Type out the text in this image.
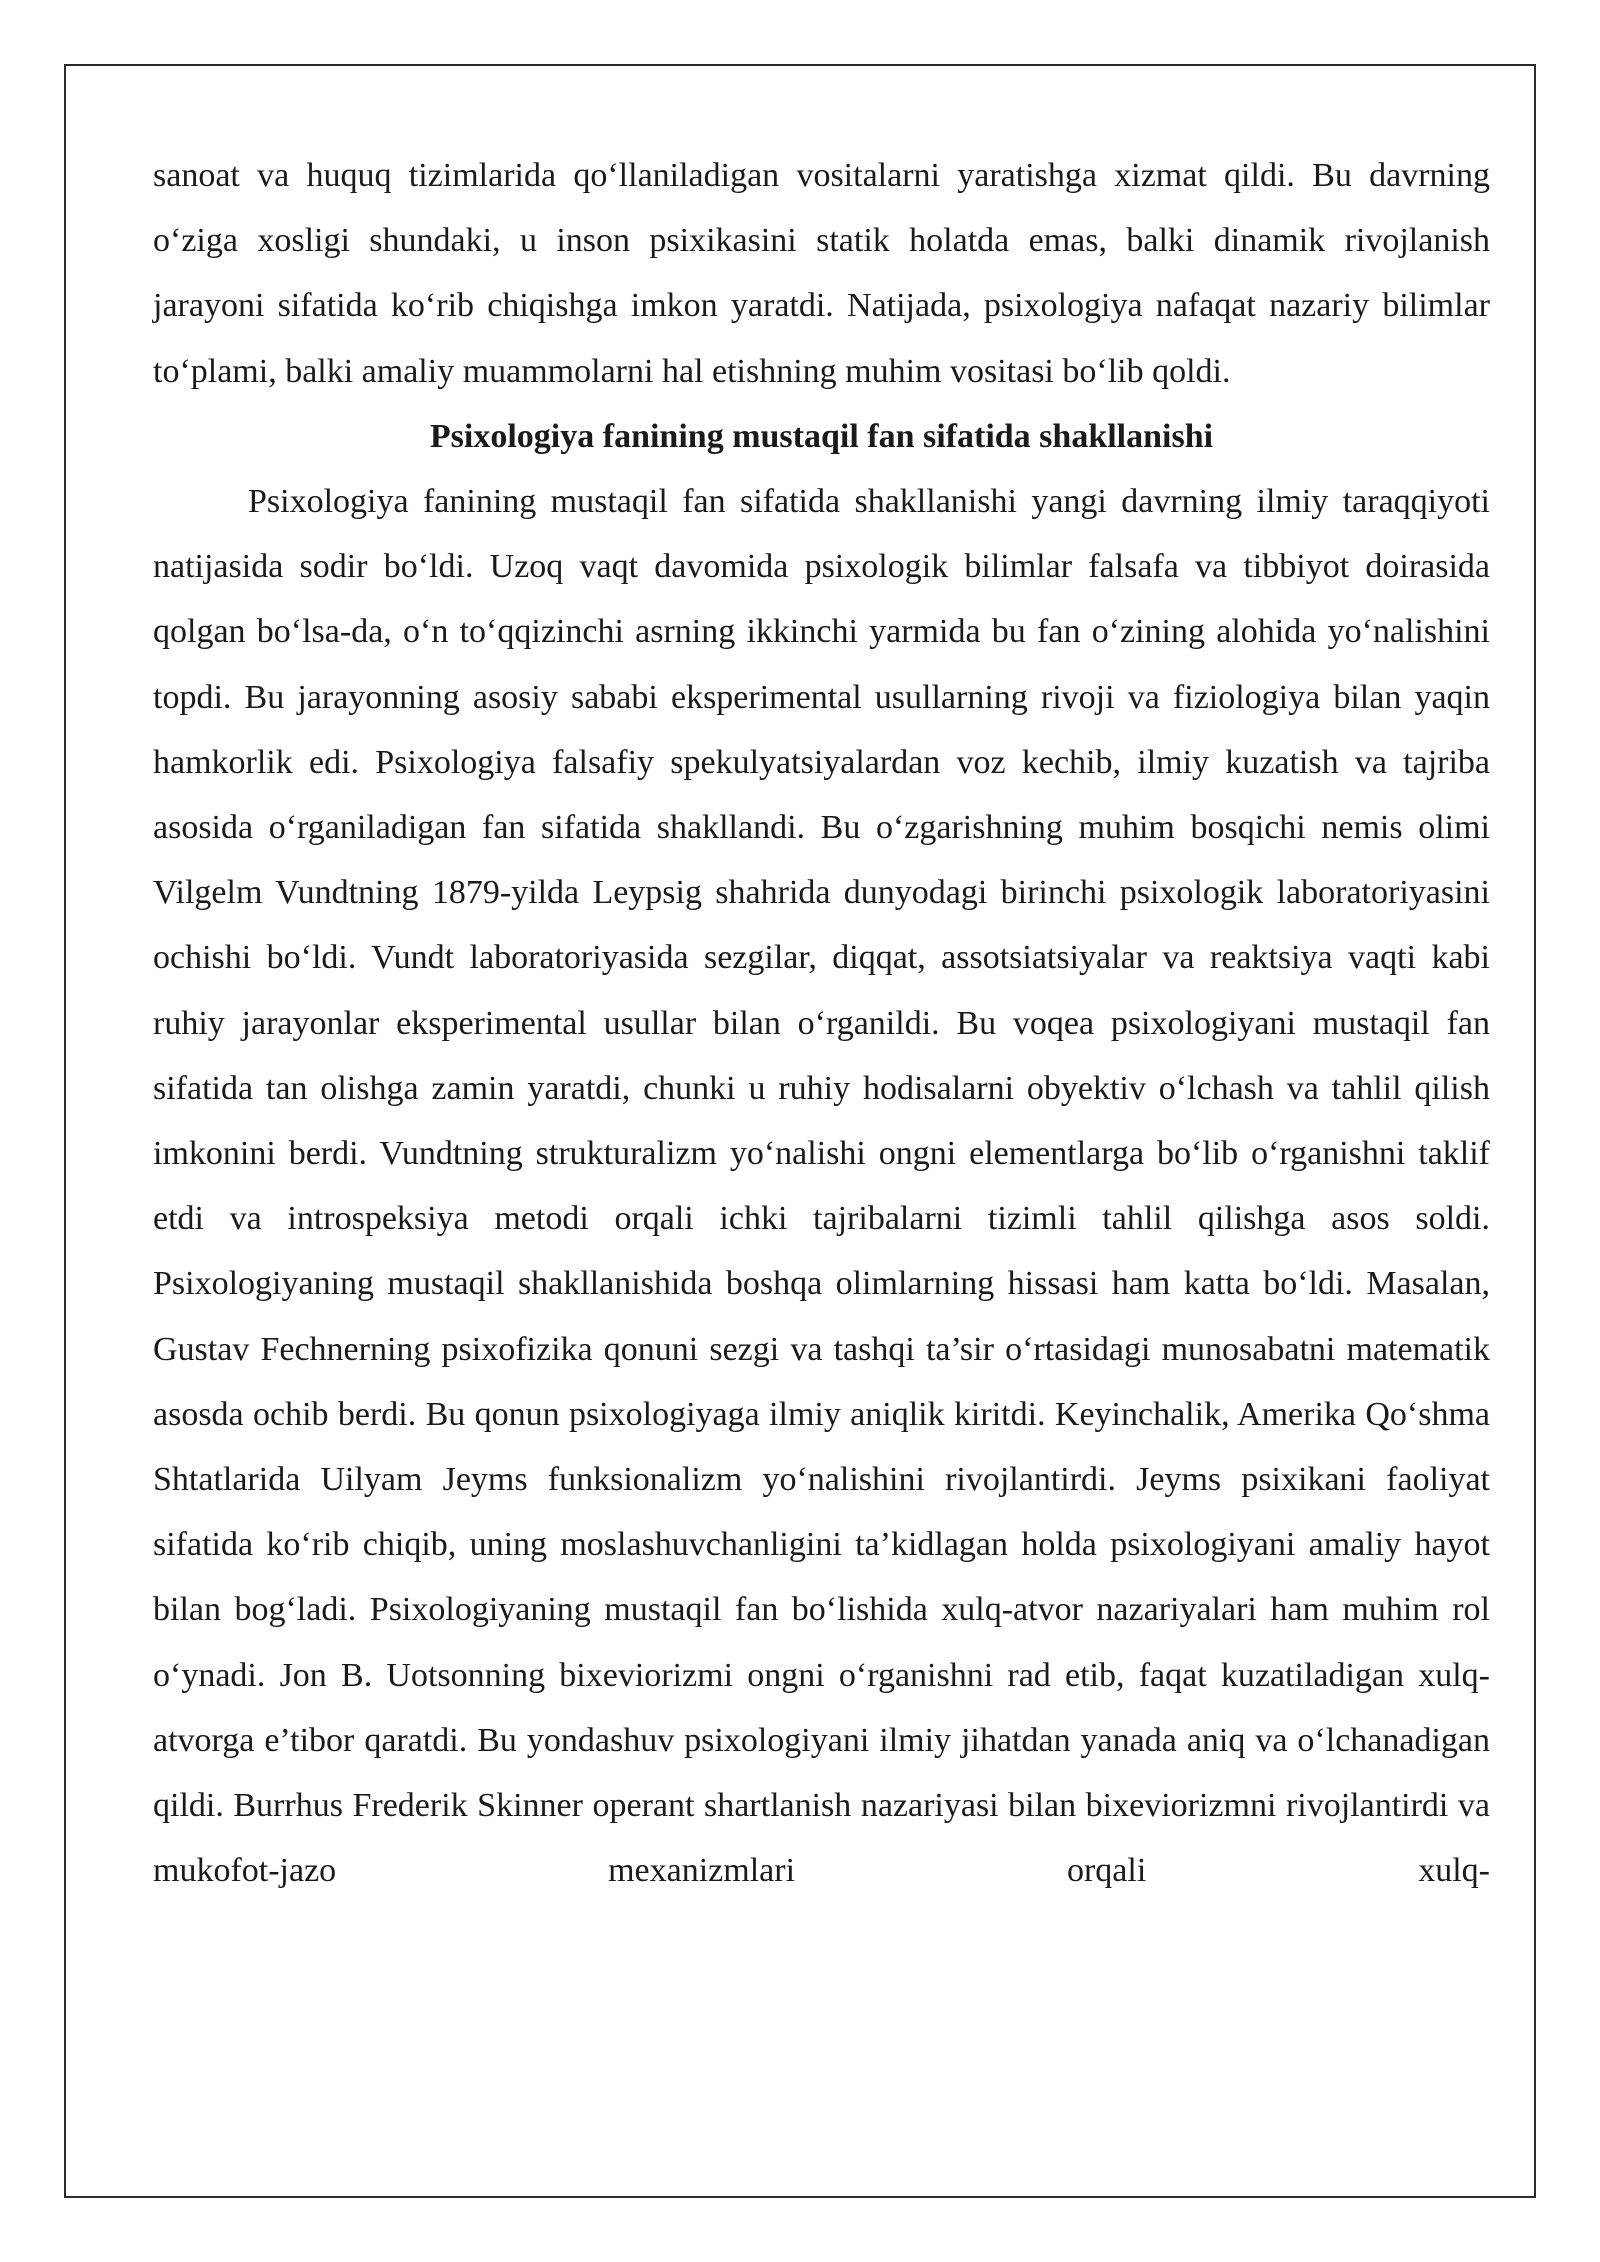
sanoat va huquq tizimlarida qo‘llaniladigan vositalarni yaratishga xizmat qildi. Bu davrning o‘ziga xosligi shundaki, u inson psixikasini statik holatda emas, balki dinamik rivojlanish jarayoni sifatida ko‘rib chiqishga imkon yaratdi. Natijada, psixologiya nafaqat nazariy bilimlar to‘plami, balki amaliy muammolarni hal etishning muhim vositasi bo‘lib qoldi.

Psixologiya fanining mustaqil fan sifatida shakllanishi

Psixologiya fanining mustaqil fan sifatida shakllanishi yangi davrning ilmiy taraqqiyoti natijasida sodir bo‘ldi. Uzoq vaqt davomida psixologik bilimlar falsafa va tibbiyot doirasida qolgan bo‘lsa-da, o‘n to‘qqizinchi asrning ikkinchi yarmida bu fan o‘zining alohida yo‘nalishini topdi. Bu jarayonning asosiy sababi eksperimental usullarning rivoji va fiziologiya bilan yaqin hamkorlik edi. Psixologiya falsafiy spekulyatsiyalardan voz kechib, ilmiy kuzatish va tajriba asosida o‘rganiladigan fan sifatida shakllandi. Bu o‘zgarishning muhim bosqichi nemis olimi Vilgelm Vundtning 1879-yilda Leypsig shahrida dunyodagi birinchi psixologik laboratoriyasini ochishi bo‘ldi. Vundt laboratoriyasida sezgilar, diqqat, assotsiatsiyalar va reaktsiya vaqti kabi ruhiy jarayonlar eksperimental usullar bilan o‘rganildi. Bu voqea psixologiyani mustaqil fan sifatida tan olishga zamin yaratdi, chunki u ruhiy hodisalarni obyektiv o‘lchash va tahlil qilish imkonini berdi. Vundtning strukturalizm yo‘nalishi ongni elementlarga bo‘lib o‘rganishni taklif etdi va introspeksiya metodi orqali ichki tajribalarni tizimli tahlil qilishga asos soldi. Psixologiyaning mustaqil shakllanishida boshqa olimlarning hissasi ham katta bo‘ldi. Masalan, Gustav Fechnerning psixofizika qonuni sezgi va tashqi ta’sir o‘rtasidagi munosabatni matematik asosda ochib berdi. Bu qonun psixologiyaga ilmiy aniqlik kiritdi. Keyinchalik, Amerika Qo‘shma Shtatlarida Uilyam Jeyms funksionalizm yo‘nalishini rivojlantirdi. Jeyms psixikani faoliyat sifatida ko‘rib chiqib, uning moslashuvchanligini ta’kidlagan holda psixologiyani amaliy hayot bilan bog‘ladi. Psixologiyaning mustaqil fan bo‘lishida xulq-atvor nazariyalari ham muhim rol o‘ynadi. Jon B. Uotsonning bixeviorizmi ongni o‘rganishni rad etib, faqat kuzatiladigan xulq-atvorga e’tibor qaratdi. Bu yondashuv psixologiyani ilmiy jihatdan yanada aniq va o‘lchanadigan qildi. Burrhus Frederik Skinner operant shartlanish nazariyasi bilan bixeviorizmni rivojlantirdi va mukofot-jazo mexanizmlari orqali xulq-
